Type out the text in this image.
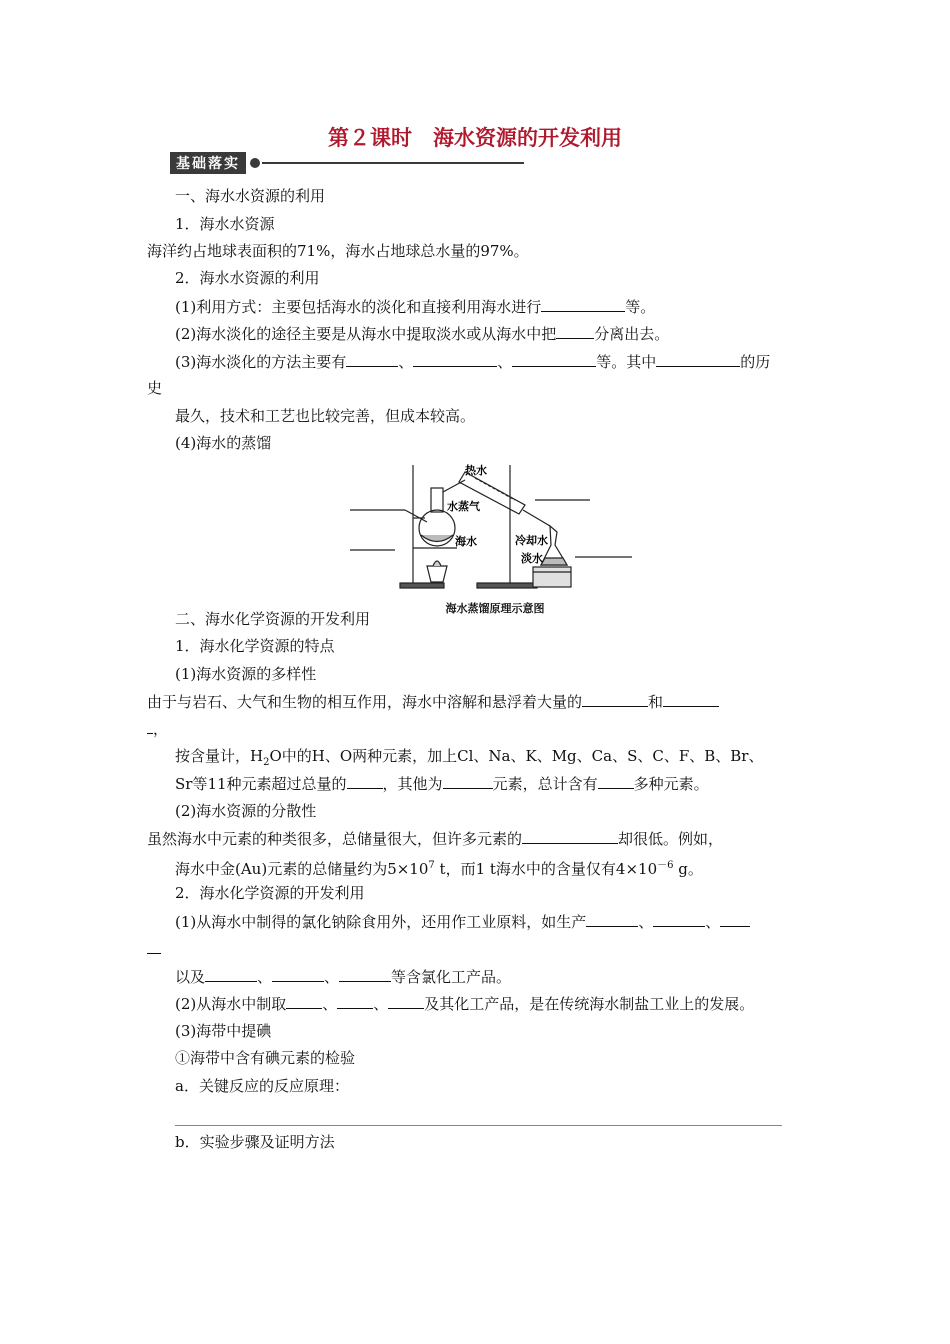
第２课时　海水资源的开发利用
基础落实
一、海水水资源的利用
1．海水水资源
海洋约占地球表面积的71%，海水占地球总水量的97%。
2．海水水资源的利用
(1)利用方式：主要包括海水的淡化和直接利用海水进行	等。
(2)海水淡化的途径主要是从海水中提取淡水或从海水中把	分离出去。
(3)海水淡化的方法主要有	、	、	等。其中	的历
史
最久，技术和工艺也比较完善，但成本较高。
(4)海水的蒸馏
热水
水蒸气
海水	冷却水
淡水
海水蒸馏原理示意图
二、海水化学资源的开发利用
1．海水化学资源的特点
(1)海水资源的多样性
由于与岩石、大气和生物的相互作用，海水中溶解和悬浮着大量的	和
，
按含量计，$H_2O$中的H、O两种元素，加上Cl、Na、K、Mg、Ca、S、C、F、B、Br、
Sr等11种元素超过总量的 ，其他为	元素，总计含有 多种元素。
(2)海水资源的分散性
虽然海水中元素的种类很多，总储量很大，但许多元素的	却很低。例如，
海水中金(Au)元素的总储量约为$5\times 10^7$ t，而1 t海水中的含量仅有$4\times 10^{-6}$ g。
2．海水化学资源的开发利用
(1)从海水中制得的氯化钠除食用外，还用作工业原料，如生产	、	、
以及	、	、	等含氯化工产品。
(2)从海水中制取 、 、 及其化工产品，是在传统海水制盐工业上的发展。
(3)海带中提碘
①海带中含有碘元素的检验
a．关键反应的反应原理：
b．实验步骤及证明方法
